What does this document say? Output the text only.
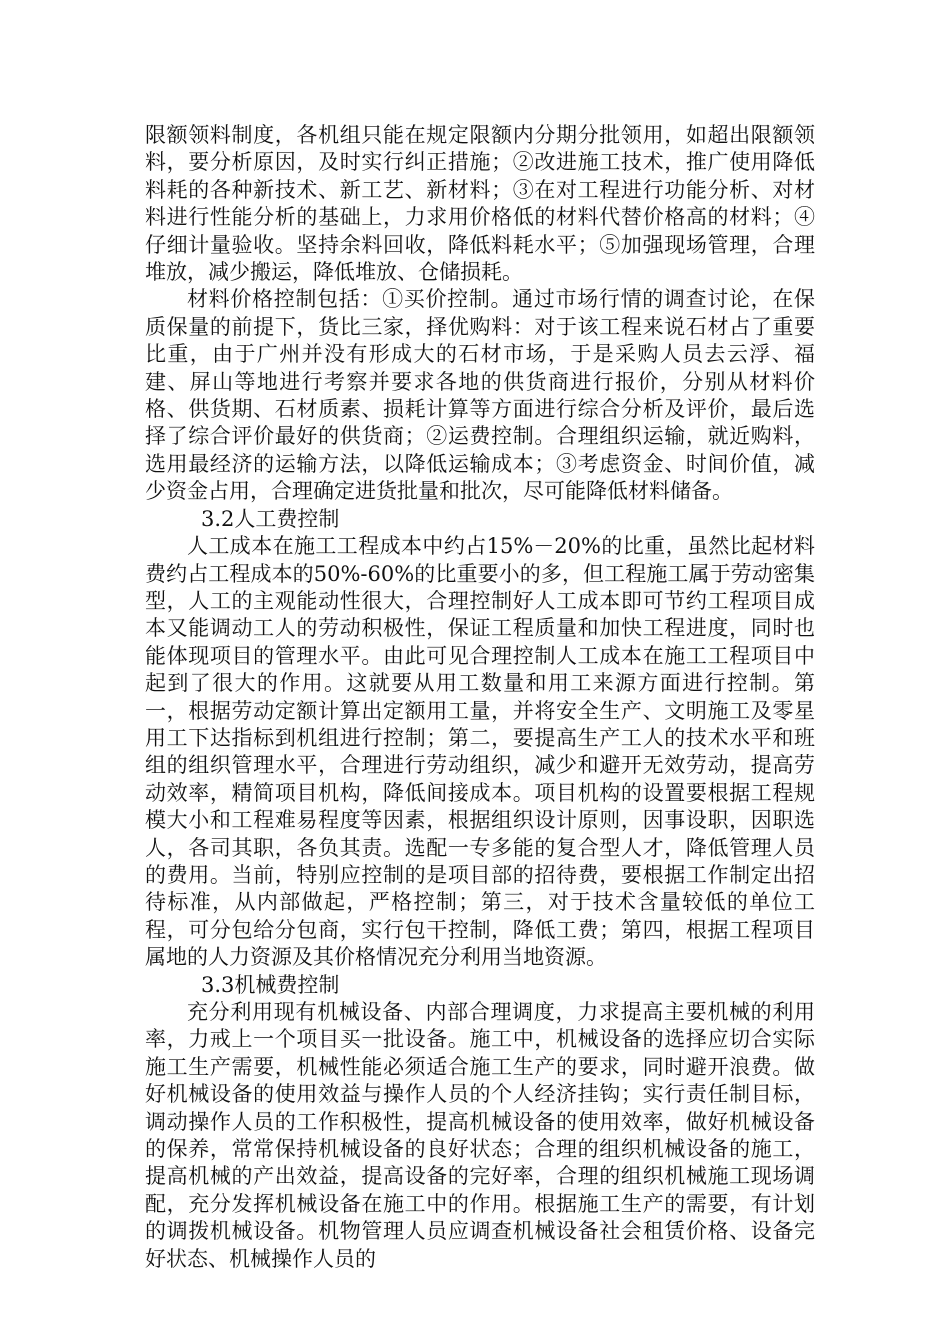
限额领料制度，各机组只能在规定限额内分期分批领用，如超出限额领料，要分析原因，及时实行纠正措施；②改进施工技术，推广使用降低料耗的各种新技术、新工艺、新材料；③在对工程进行功能分析、对材料进行性能分析的基础上，力求用价格低的材料代替价格高的材料；④仔细计量验收。坚持余料回收，降低料耗水平；⑤加强现场管理，合理堆放，减少搬运，降低堆放、仓储损耗。

材料价格控制包括：①买价控制。通过市场行情的调查讨论，在保质保量的前提下，货比三家，择优购料：对于该工程来说石材占了重要比重，由于广州并没有形成大的石材市场，于是采购人员去云浮、福建、屏山等地进行考察并要求各地的供货商进行报价，分别从材料价格、供货期、石材质素、损耗计算等方面进行综合分析及评价，最后选择了综合评价最好的供货商；②运费控制。合理组织运输，就近购料，选用最经济的运输方法，以降低运输成本；③考虑资金、时间价值，减少资金占用，合理确定进货批量和批次，尽可能降低材料储备。

3.2人工费控制

人工成本在施工工程成本中约占15%－20%的比重，虽然比起材料费约占工程成本的50%-60%的比重要小的多，但工程施工属于劳动密集型，人工的主观能动性很大，合理控制好人工成本即可节约工程项目成本又能调动工人的劳动积极性，保证工程质量和加快工程进度，同时也能体现项目的管理水平。由此可见合理控制人工成本在施工工程项目中起到了很大的作用。这就要从用工数量和用工来源方面进行控制。第一，根据劳动定额计算出定额用工量，并将安全生产、文明施工及零星用工下达指标到机组进行控制；第二，要提高生产工人的技术水平和班组的组织管理水平，合理进行劳动组织，减少和避开无效劳动，提高劳动效率，精简项目机构，降低间接成本。项目机构的设置要根据工程规模大小和工程难易程度等因素，根据组织设计原则，因事设职，因职选人，各司其职，各负其责。选配一专多能的复合型人才，降低管理人员的费用。当前，特别应控制的是项目部的招待费，要根据工作制定出招待标准，从内部做起，严格控制；第三，对于技术含量较低的单位工程，可分包给分包商，实行包干控制，降低工费；第四，根据工程项目属地的人力资源及其价格情况充分利用当地资源。

3.3机械费控制

充分利用现有机械设备、内部合理调度，力求提高主要机械的利用率，力戒上一个项目买一批设备。施工中，机械设备的选择应切合实际施工生产需要，机械性能必须适合施工生产的要求，同时避开浪费。做好机械设备的使用效益与操作人员的个人经济挂钩；实行责任制目标，调动操作人员的工作积极性，提高机械设备的使用效率，做好机械设备的保养，常常保持机械设备的良好状态；合理的组织机械设备的施工，提高机械的产出效益，提高设备的完好率，合理的组织机械施工现场调配，充分发挥机械设备在施工中的作用。根据施工生产的需要，有计划的调拨机械设备。机物管理人员应调查机械设备社会租赁价格、设备完好状态、机械操作人员的
